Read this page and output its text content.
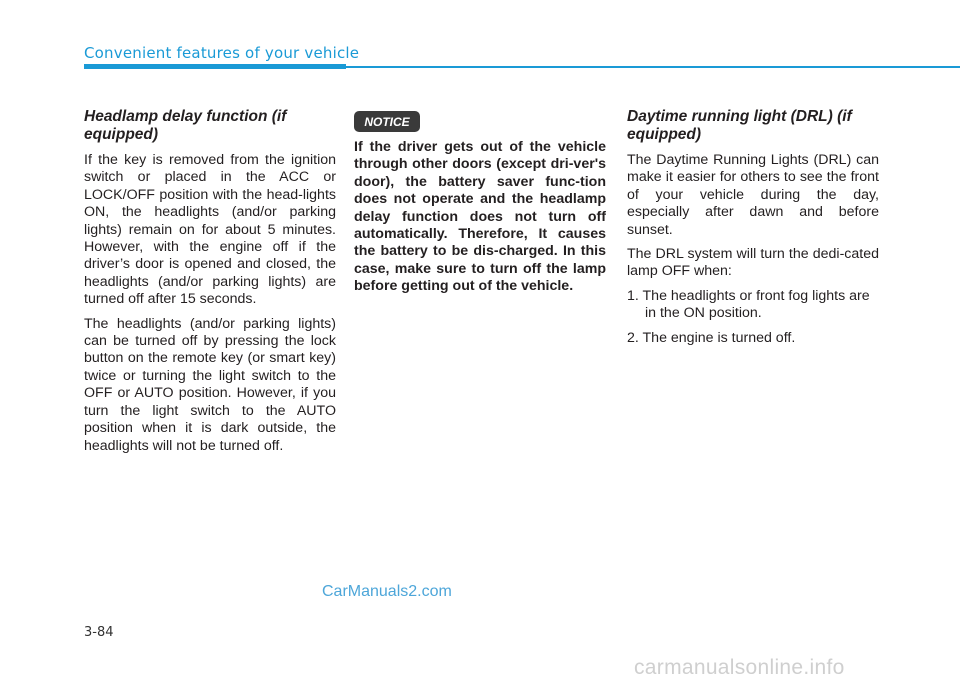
Convenient features of your vehicle
Headlamp delay function (if equipped)

If the key is removed from the ignition switch or placed in the ACC or LOCK/OFF position with the head-lights ON, the headlights (and/or parking lights) remain on for about 5 minutes. However, with the engine off if the driver’s door is opened and closed, the headlights (and/or parking lights) are turned off after 15 seconds.

The headlights (and/or parking lights) can be turned off by pressing the lock button on the remote key (or smart key) twice or turning the light switch to the OFF or AUTO position. However, if you turn the light switch to the AUTO position when it is dark outside, the headlights will not be turned off.

NOTICE
If the driver gets out of the vehicle through other doors (except dri-ver's door), the battery saver func-tion does not operate and the headlamp delay function does not turn off automatically. Therefore, It causes the battery to be dis-charged. In this case, make sure to turn off the lamp before getting out of the vehicle.
Daytime running light (DRL) (if equipped)

The Daytime Running Lights (DRL) can make it easier for others to see the front of your vehicle during the day, especially after dawn and before sunset.

The DRL system will turn the dedi-cated lamp OFF when:

1. The headlights or front fog lights are in the ON position.
2. The engine is turned off.
CarManuals2.com
3-84
carmanualsonline.info
